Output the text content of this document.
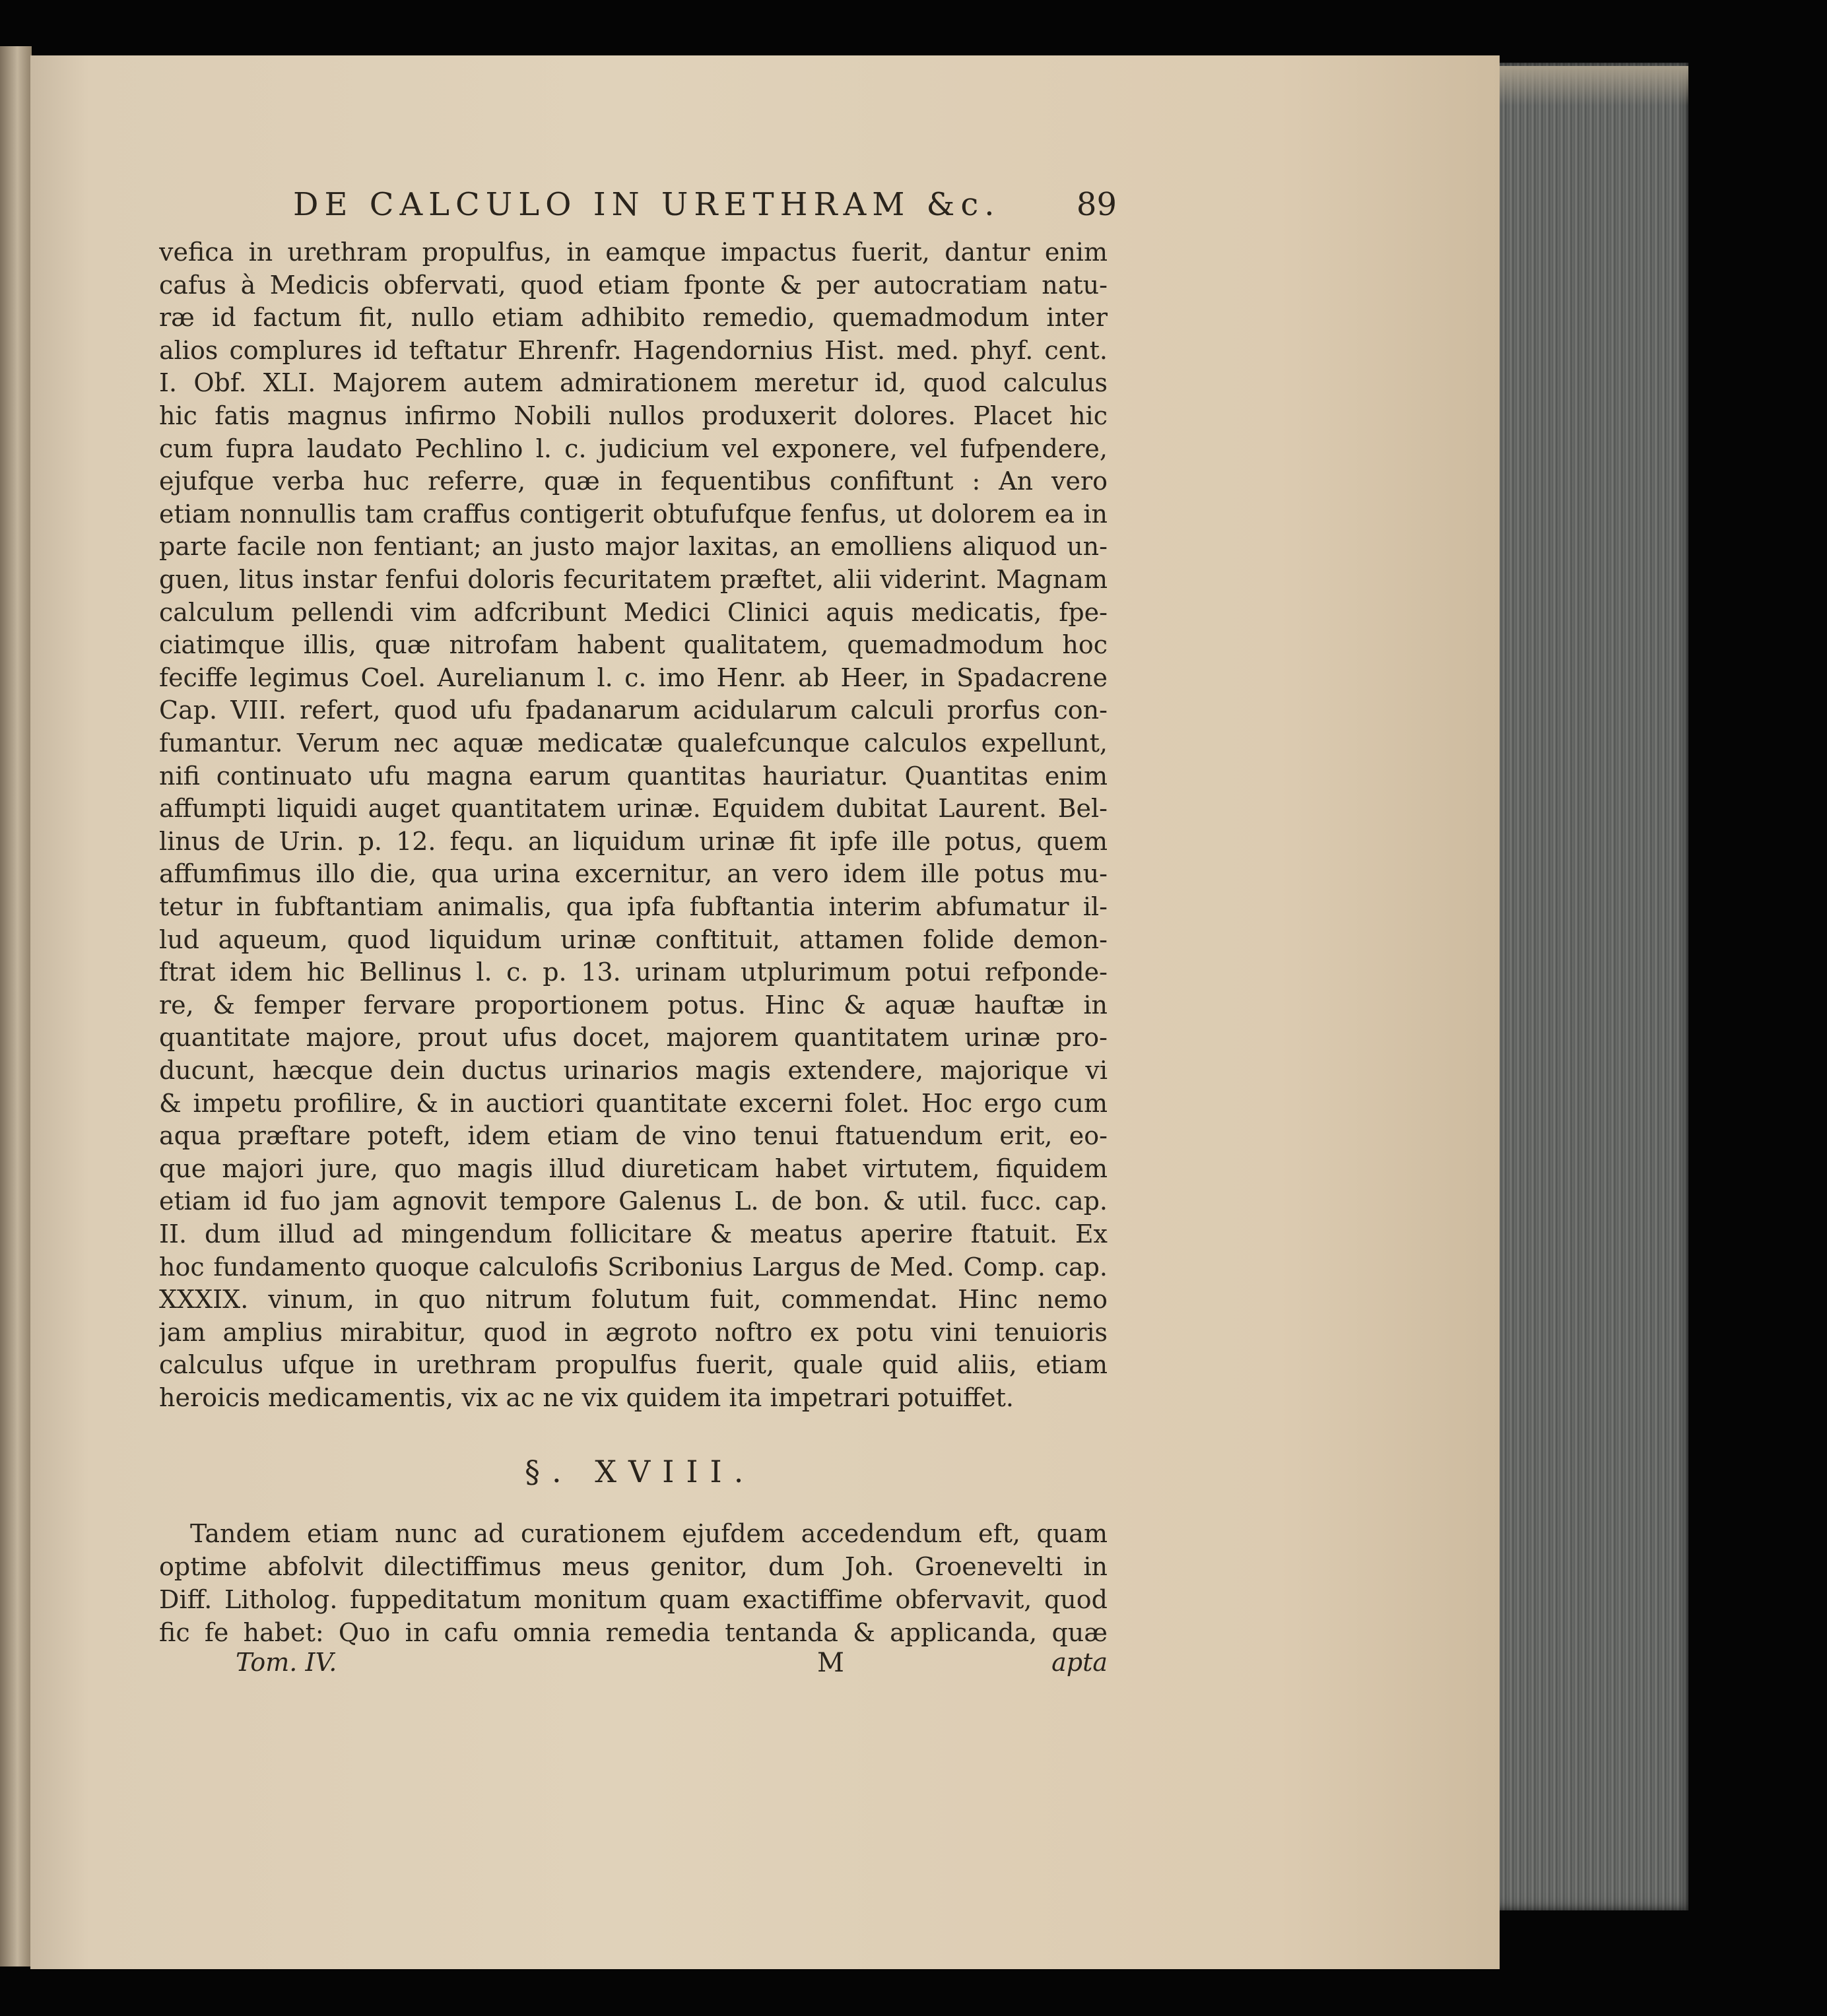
DE CALCULO IN URETHRAM &c. 89
vefica in urethram propulfus, in eamque impactus fuerit, dantur enim
cafus à Medicis obfervati, quod etiam fponte & per autocratiam natu-
ræ id factum fit, nullo etiam adhibito remedio, quemadmodum inter
alios complures id teftatur Ehrenfr. Hagendornius Hist. med. phyf. cent.
I. Obf. XLI. Majorem autem admirationem meretur id, quod calculus
hic fatis magnus infirmo Nobili nullos produxerit dolores. Placet hic
cum fupra laudato Pechlino l. c. judicium vel exponere, vel fufpendere,
ejufque verba huc referre, quæ in fequentibus confiftunt : An vero
etiam nonnullis tam craffus contigerit obtufufque fenfus, ut dolorem ea in
parte facile non fentiant; an justo major laxitas, an emolliens aliquod un-
guen, litus instar fenfui doloris fecuritatem præftet, alii viderint. Magnam
calculum pellendi vim adfcribunt Medici Clinici aquis medicatis, fpe-
ciatimque illis, quæ nitrofam habent qualitatem, quemadmodum hoc
feciffe legimus Coel. Aurelianum l. c. imo Henr. ab Heer, in Spadacrene
Cap. VIII. refert, quod ufu fpadanarum acidularum calculi prorfus con-
fumantur. Verum nec aquæ medicatæ qualefcunque calculos expellunt,
nifi continuato ufu magna earum quantitas hauriatur. Quantitas enim
affumpti liquidi auget quantitatem urinæ. Equidem dubitat Laurent. Bel-
linus de Urin. p. 12. fequ. an liquidum urinæ fit ipfe ille potus, quem
affumfimus illo die, qua urina excernitur, an vero idem ille potus mu-
tetur in fubftantiam animalis, qua ipfa fubftantia interim abfumatur il-
lud aqueum, quod liquidum urinæ conftituit, attamen folide demon-
ftrat idem hic Bellinus l. c. p. 13. urinam utplurimum potui refponde-
re, & femper fervare proportionem potus. Hinc & aquæ hauftæ in
quantitate majore, prout ufus docet, majorem quantitatem urinæ pro-
ducunt, hæcque dein ductus urinarios magis extendere, majorique vi
& impetu profilire, & in auctiori quantitate excerni folet. Hoc ergo cum
aqua præftare poteft, idem etiam de vino tenui ftatuendum erit, eo-
que majori jure, quo magis illud diureticam habet virtutem, fiquidem
etiam id fuo jam agnovit tempore Galenus L. de bon. & util. fucc. cap.
II. dum illud ad mingendum follicitare & meatus aperire ftatuit. Ex
hoc fundamento quoque calculofis Scribonius Largus de Med. Comp. cap.
XXXIX. vinum, in quo nitrum folutum fuit, commendat. Hinc nemo
jam amplius mirabitur, quod in ægroto noftro ex potu vini tenuioris
calculus ufque in urethram propulfus fuerit, quale quid aliis, etiam
heroicis medicamentis, vix ac ne vix quidem ita impetrari potuiffet.
§. XVIII.
Tandem etiam nunc ad curationem ejufdem accedendum eft, quam
optime abfolvit dilectiffimus meus genitor, dum Joh. Groenevelti in
Diff. Litholog. fuppeditatum monitum quam exactiffime obfervavit, quod
fic fe habet: Quo in cafu omnia remedia tentanda & applicanda, quæ
Tom. IV.	M	apta
